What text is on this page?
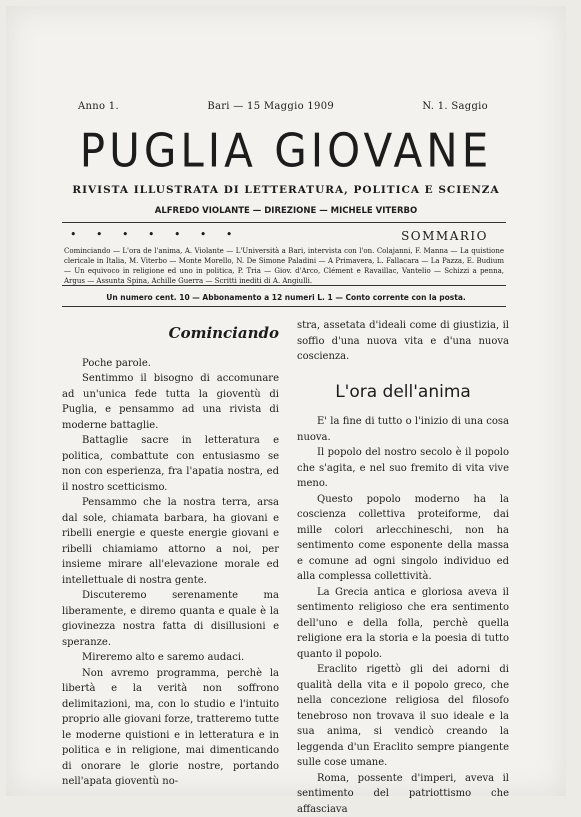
Anno 1.	Bari — 15 Maggio 1909	N. 1. Saggio
PUGLIA GIOVANE
RIVISTA ILLUSTRATA DI LETTERATURA, POLITICA E SCIENZA
ALFREDO VIOLANTE — DIREZIONE — MICHELE VITERBO
• • • • • • •	SOMMARIO
Cominciando — L'ora de l'anima, A. Violante — L'Università a Bari, intervista con l'on. Colajanni, F. Manna — La quistione clericale in Italia, M. Viterbo — Monte Morello, N. De Simone Paladini — A Primavera, L. Fallacara — La Pazza, E. Budium — Un equivoco in religione ed uno in politica, P. Tria — Giov. d'Arco, Clément e Ravaillac, Vantelio — Schizzi a penna, Argus — Assunta Spina, Achille Guerra — Scritti inediti di A. Angiulli.
Un numero cent. 10 — Abbonamento a 12 numeri L. 1 — Conto corrente con la posta.
Cominciando

Poche parole.

Sentimmo il bisogno di accomunare ad un'unica fede tutta la gioventù di Puglia, e pensammo ad una rivista di moderne battaglie.

Battaglie sacre in letteratura e politica, combattute con entusiasmo se non con esperienza, fra l'apatia nostra, ed il nostro scetticismo.

Pensammo che la nostra terra, arsa dal sole, chiamata barbara, ha giovani e ribelli energie e queste energie giovani e ribelli chiamiamo attorno a noi, per insieme mirare all'elevazione morale ed intellettuale di nostra gente.

Discuteremo serenamente ma liberamente, e diremo quanta e quale è la giovinezza nostra fatta di disillusioni e speranze.

Mireremo alto e saremo audaci.

Non avremo programma, perchè la libertà e la verità non soffrono delimitazioni, ma, con lo studio e l'intuito proprio alle giovani forze, tratteremo tutte le moderne quistioni e in letteratura e in politica e in religione, mai dimenticando di onorare le glorie nostre, portando nell'apata gioventù no-

stra, assetata d'ideali come di giustizia, il soffio d'una nuova vita e d'una nuova coscienza.

L'ora dell'anima

E' la fine di tutto o l'inizio di una cosa nuova.

Il popolo del nostro secolo è il popolo che s'agita, e nel suo fremito di vita vive meno.

Questo popolo moderno ha la coscienza collettiva proteiforme, dai mille colori arlecchineschi, non ha sentimento come esponente della massa e comune ad ogni singolo individuo ed alla complessa collettività.

La Grecia antica e gloriosa aveva il sentimento religioso che era sentimento dell'uno e della folla, perchè quella religione era la storia e la poesia di tutto quanto il popolo.

Eraclito rigettò gli dei adorni di qualità della vita e il popolo greco, che nella concezione religiosa del filosofo tenebroso non trovava il suo ideale e la sua anima, si vendicò creando la leggenda d'un Eraclito sempre piangente sulle cose umane.

Roma, possente d'imperi, aveva il sentimento del patriottismo che affasciava
